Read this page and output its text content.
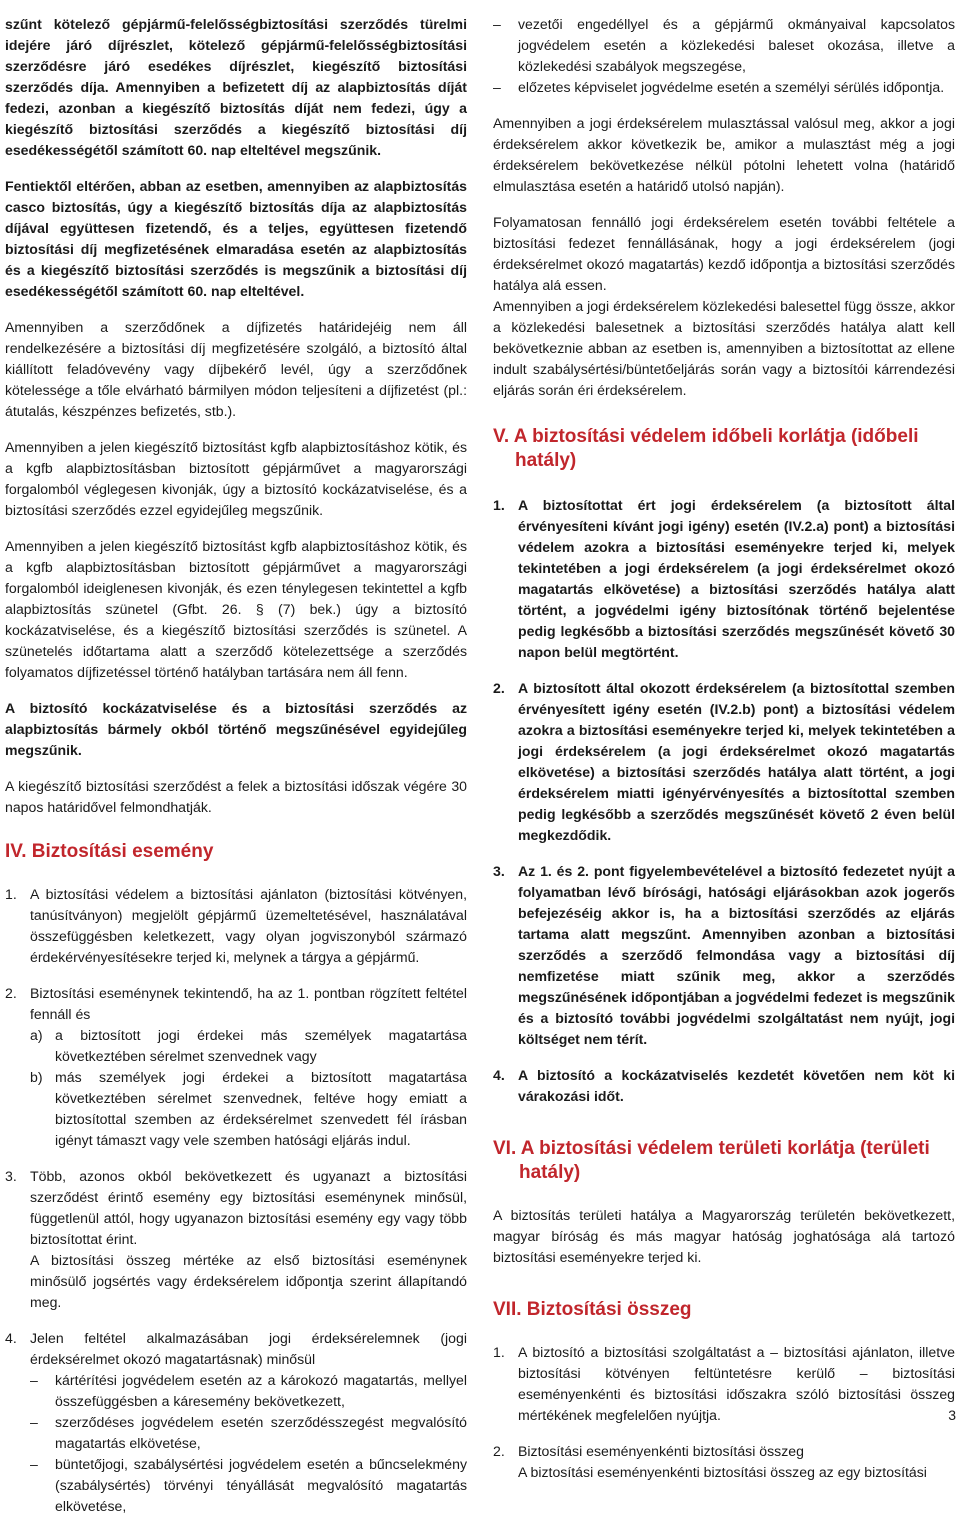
szűnt kötelező gépjármű-felelősségbiztosítási szerződés türelmi idejére járó díjrészlet, kötelező gépjármű-felelősségbiztosítási szerződésre járó esedékes díjrészlet, kiegészítő biztosítási szerződés díja. Amennyiben a befizetett díj az alapbiztosítás díját fedezi, azonban a kiegészítő biztosítás díját nem fedezi, úgy a kiegészítő biztosítási szerződés a kiegészítő biztosítási díj esedékességétől számított 60. nap elteltével megszűnik.

Fentiektől eltérően, abban az esetben, amennyiben az alapbiztosítás casco biztosítás, úgy a kiegészítő biztosítás díja az alapbiztosítás díjával együttesen fizetendő, és a teljes, együttesen fizetendő biztosítási díj megfizetésének elmaradása esetén az alapbiztosítás és a kiegészítő biztosítási szerződés is megszűnik a biztosítási díj esedékességétől számított 60. nap elteltével.

Amennyiben a szerződőnek a díjfizetés határidejéig nem áll rendelkezésére a biztosítási díj megfizetésére szolgáló, a biztosító által kiállított feladóvevény vagy díjbekérő levél, úgy a szerződőnek kötelessége a tőle elvárható bármilyen módon teljesíteni a díjfizetést (pl.: átutalás, készpénzes befizetés, stb.).

Amennyiben a jelen kiegészítő biztosítást kgfb alapbiztosításhoz kötik, és a kgfb alapbiztosításban biztosított gépjárművet a magyarországi forgalomból véglegesen kivonják, úgy a biztosító kockázatviselése, és a biztosítási szerződés ezzel egyidejűleg megszűnik.

Amennyiben a jelen kiegészítő biztosítást kgfb alapbiztosításhoz kötik, és a kgfb alapbiztosításban biztosított gépjárművet a magyarországi forgalomból ideiglenesen kivonják, és ezen ténylegesen tekintettel a kgfb alapbiztosítás szünetel (Gfbt. 26. § (7) bek.) úgy a biztosító kockázatviselése, és a kiegészítő biztosítási szerződés is szünetel. A szünetelés időtartama alatt a szerződő kötelezettsége a szerződés folyamatos díjfizetéssel történő hatályban tartására nem áll fenn.

A biztosító kockázatviselése és a biztosítási szerződés az alapbiztosítás bármely okból történő megszűnésével egyidejűleg megszűnik.

A kiegészítő biztosítási szerződést a felek a biztosítási időszak végére 30 napos határidővel felmondhatják.

IV. Biztosítási esemény
1. A biztosítási védelem a biztosítási ajánlaton (biztosítási kötvényen, tanúsítványon) megjelölt gépjármű üzemeltetésével, használatával összefüggésben keletkezett, vagy olyan jogviszonyból származó érdekérvényesítésekre terjed ki, melynek a tárgya a gépjármű.

2. Biztosítási eseménynek tekintendő, ha az 1. pontban rögzített feltétel fennáll és

a) a biztosított jogi érdekei más személyek magatartása következtében sérelmet szenvednek vagy
b) más személyek jogi érdekei a biztosított magatartása következtében sérelmet szenvednek, feltéve hogy emiatt a biztosítottal szemben az érdeksérelmet szenvedett fél írásban igényt támaszt vagy vele szemben hatósági eljárás indul.
3. Több, azonos okból bekövetkezett és ugyanazt a biztosítási szerződést érintő esemény egy biztosítási eseménynek minősül, függetlenül attól, hogy ugyanazon biztosítási esemény egy vagy több biztosítottat érint.

A biztosítási összeg mértéke az első biztosítási eseménynek minősülő jogsértés vagy érdeksérelem időpontja szerint állapítandó meg.

4. Jelen feltétel alkalmazásában jogi érdeksérelemnek (jogi érdeksérelmet okozó magatartásnak) minősül

– kártérítési jogvédelem esetén az a károkozó magatartás, mellyel összefüggésben a káresemény bekövetkezett,
– szerződéses jogvédelem esetén szerződésszegést megvalósító magatartás elkövetése,
– büntetőjogi, szabálysértési jogvédelem esetén a bűncselekmény (szabálysértés) törvényi tényállását megvalósító magatartás elkövetése,
– vezetői engedéllyel és a gépjármű okmányaival kapcsolatos jogvédelem esetén a közlekedési baleset okozása, illetve a közlekedési szabályok megszegése,
– előzetes képviselet jogvédelme esetén a személyi sérülés időpontja.

Amennyiben a jogi érdeksérelem mulasztással valósul meg, akkor a jogi érdeksérelem akkor következik be, amikor a mulasztást még a jogi érdeksérelem bekövetkezése nélkül pótolni lehetett volna (határidő elmulasztása esetén a határidő utolsó napján).

Folyamatosan fennálló jogi érdeksérelem esetén további feltétele a biztosítási fedezet fennállásának, hogy a jogi érdeksérelem (jogi érdeksérelmet okozó magatartás) kezdő időpontja a biztosítási szerződés hatálya alá essen.

Amennyiben a jogi érdeksérelem közlekedési balesettel függ össze, akkor a közlekedési balesetnek a biztosítási szerződés hatálya alatt kell bekövetkeznie abban az esetben is, amennyiben a biztosítottat az ellene indult szabálysértési/büntetőeljárás során vagy a biztosítói kárrendezési eljárás során éri érdeksérelem.

V. A biztosítási védelem időbeli korlátja (időbeli hatály)
1. A biztosítottat ért jogi érdeksérelem (a biztosított által érvényesíteni kívánt jogi igény) esetén (IV.2.a) pont) a biztosítási védelem azokra a biztosítási eseményekre terjed ki, melyek tekintetében a jogi érdeksérelem (a jogi érdeksérelmet okozó magatartás elkövetése) a biztosítási szerződés hatálya alatt történt, a jogvédelmi igény biztosítónak történő bejelentése pedig legkésőbb a biztosítási szerződés megszűnését követő 30 napon belül megtörtént.

2. A biztosított által okozott érdeksérelem (a biztosítottal szemben érvényesített igény esetén (IV.2.b) pont) a biztosítási védelem azokra a biztosítási eseményekre terjed ki, melyek tekintetében a jogi érdeksérelem (a jogi érdeksérelmet okozó magatartás elkövetése) a biztosítási szerződés hatálya alatt történt, a jogi érdeksérelem miatti igényérvényesítés a biztosítottal szemben pedig legkésőbb a szerződés megszűnését követő 2 éven belül megkezdődik.

3. Az 1. és 2. pont figyelembevételével a biztosító fedezetet nyújt a folyamatban lévő bírósági, hatósági eljárásokban azok jogerős befejezéséig akkor is, ha a biztosítási szerződés az eljárás tartama alatt megszűnt. Amennyiben azonban a biztosítási szerződés a szerződő felmondása vagy a biztosítási díj nemfizetése miatt szűnik meg, akkor a szerződés megszűnésének időpontjában a jogvédelmi fedezet is megszűnik és a biztosító további jogvédelmi szolgáltatást nem nyújt, jogi költséget nem térít.

4. A biztosító a kockázatviselés kezdetét követően nem köt ki várakozási időt.

VI. A biztosítási védelem területi korlátja (területi hatály)

A biztosítás területi hatálya a Magyarország területén bekövetkezett, magyar bíróság és más magyar hatóság joghatósága alá tartozó biztosítási eseményekre terjed ki.

VII. Biztosítási összeg
1. A biztosító a biztosítási szolgáltatást a – biztosítási ajánlaton, illetve biztosítási kötvényen feltüntetésre kerülő – biztosítási eseményenkénti és biztosítási időszakra szóló biztosítási összeg mértékének megfelelően nyújtja.

2. Biztosítási eseményenkénti biztosítási összeg

A biztosítási eseményenkénti biztosítási összeg az egy biztosítási

3
